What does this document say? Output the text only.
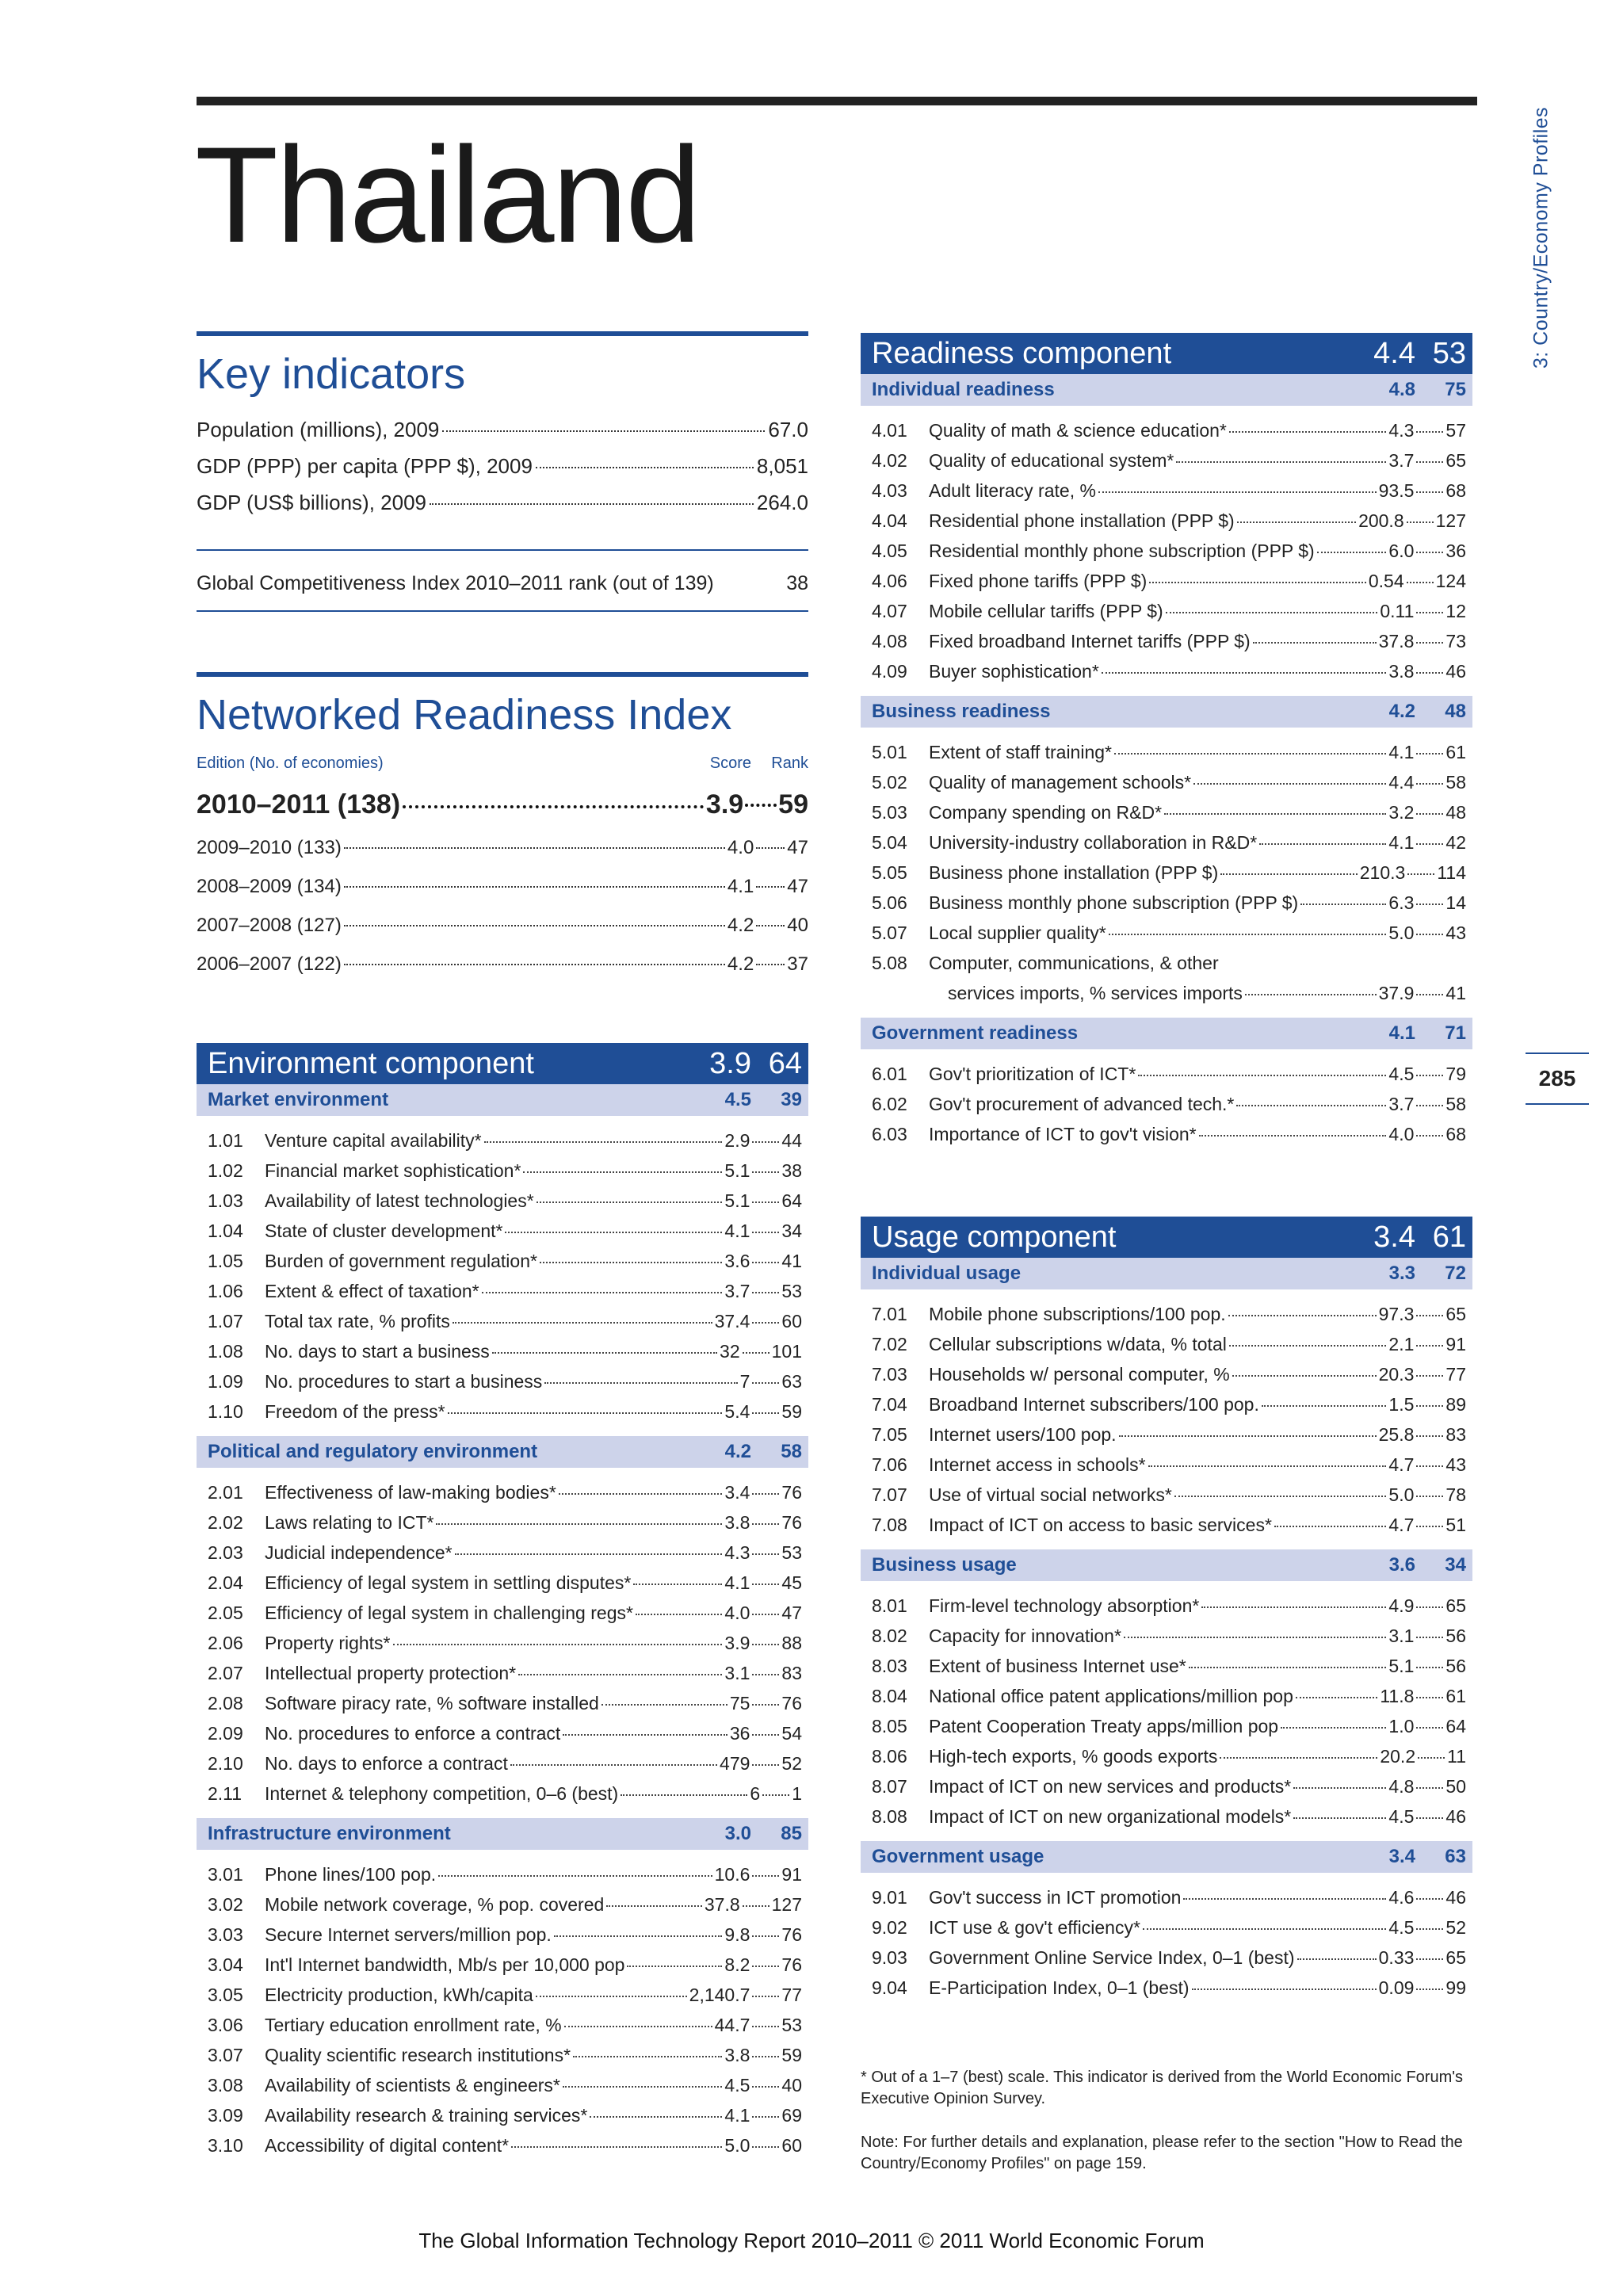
3: Country/Economy Profiles
285
Thailand
Key indicators
Population (millions), 2009	67.0
GDP (PPP) per capita (PPP $), 2009	8,051
GDP (US$ billions), 2009	264.0
Global Competitiveness Index 2010–2011 rank (out of 139)	38
Networked Readiness Index
Edition (No. of economies)	Score	Rank
2010–2011 (138)	3.9 59
2009–2010 (133)	4.0 47
2008–2009 (134)	4.1 47
2007–2008 (127)	4.2 40
2006–2007 (122)	4.2 37
Environment component	3.9 64
Market environment	4.5	39
1.01	Venture capital availability*	2.9 44
1.02	Financial market sophistication*	5.1 38
1.03	Availability of latest technologies*	5.1 64
1.04	State of cluster development*	4.1 34
1.05	Burden of government regulation*	3.6 41
1.06	Extent & effect of taxation*	3.7 53
1.07	Total tax rate, % profits	37.4 60
1.08	No. days to start a business	32 101
1.09	No. procedures to start a business	7 63
1.10	Freedom of the press*	5.4 59
Political and regulatory environment	4.2	58
2.01	Effectiveness of law-making bodies*	3.4 76
2.02	Laws relating to ICT*	3.8 76
2.03	Judicial independence*	4.3 53
2.04	Efficiency of legal system in settling disputes*	4.1 45
2.05	Efficiency of legal system in challenging regs*	4.0 47
2.06	Property rights*	3.9 88
2.07	Intellectual property protection*	3.1 83
2.08	Software piracy rate, % software installed	75 76
2.09	No. procedures to enforce a contract	36 54
2.10	No. days to enforce a contract	479 52
2.11	Internet & telephony competition, 0–6 (best)	6 1
Infrastructure environment	3.0	85
3.01	Phone lines/100 pop.	10.6 91
3.02	Mobile network coverage, % pop. covered	37.8 127
3.03	Secure Internet servers/million pop.	9.8 76
3.04	Int'l Internet bandwidth, Mb/s per 10,000 pop	8.2 76
3.05	Electricity production, kWh/capita	2,140.7 77
3.06	Tertiary education enrollment rate, %	44.7 53
3.07	Quality scientific research institutions*	3.8 59
3.08	Availability of scientists & engineers*	4.5 40
3.09	Availability research & training services*	4.1 69
3.10	Accessibility of digital content*	5.0 60
Readiness component	4.4 53
Individual readiness	4.8	75
4.01	Quality of math & science education*	4.3 57
4.02	Quality of educational system*	3.7 65
4.03	Adult literacy rate, %	93.5 68
4.04	Residential phone installation (PPP $)	200.8 127
4.05	Residential monthly phone subscription (PPP $)	6.0 36
4.06	Fixed phone tariffs (PPP $)	0.54 124
4.07	Mobile cellular tariffs (PPP $)	0.11 12
4.08	Fixed broadband Internet tariffs (PPP $)	37.8 73
4.09	Buyer sophistication*	3.8 46
Business readiness	4.2	48
5.01	Extent of staff training*	4.1 61
5.02	Quality of management schools*	4.4 58
5.03	Company spending on R&D*	3.2 48
5.04	University-industry collaboration in R&D*	4.1 42
5.05	Business phone installation (PPP $)	210.3 114
5.06	Business monthly phone subscription (PPP $)	6.3 14
5.07	Local supplier quality*	5.0 43
5.08	Computer, communications, & other
services imports, % services imports	37.9 41
Government readiness	4.1	71
6.01	Gov't prioritization of ICT*	4.5 79
6.02	Gov't procurement of advanced tech.*	3.7 58
6.03	Importance of ICT to gov't vision*	4.0 68
Usage component	3.4 61
Individual usage	3.3	72
7.01	Mobile phone subscriptions/100 pop.	97.3 65
7.02	Cellular subscriptions w/data, % total	2.1 91
7.03	Households w/ personal computer, %	20.3 77
7.04	Broadband Internet subscribers/100 pop.	1.5 89
7.05	Internet users/100 pop.	25.8 83
7.06	Internet access in schools*	4.7 43
7.07	Use of virtual social networks*	5.0 78
7.08	Impact of ICT on access to basic services*	4.7 51
Business usage	3.6	34
8.01	Firm-level technology absorption*	4.9 65
8.02	Capacity for innovation*	3.1 56
8.03	Extent of business Internet use*	5.1 56
8.04	National office patent applications/million pop	11.8 61
8.05	Patent Cooperation Treaty apps/million pop	1.0 64
8.06	High-tech exports, % goods exports	20.2 11
8.07	Impact of ICT on new services and products*	4.8 50
8.08	Impact of ICT on new organizational models*	4.5 46
Government usage	3.4	63
9.01	Gov't success in ICT promotion	4.6 46
9.02	ICT use & gov't efficiency*	4.5 52
9.03	Government Online Service Index, 0–1 (best)	0.33 65
9.04	E-Participation Index, 0–1 (best)	0.09 99
* Out of a 1–7 (best) scale. This indicator is derived from the World Economic Forum's Executive Opinion Survey.
Note: For further details and explanation, please refer to the section "How to Read the Country/Economy Profiles" on page 159.
The Global Information Technology Report 2010–2011 © 2011 World Economic Forum
